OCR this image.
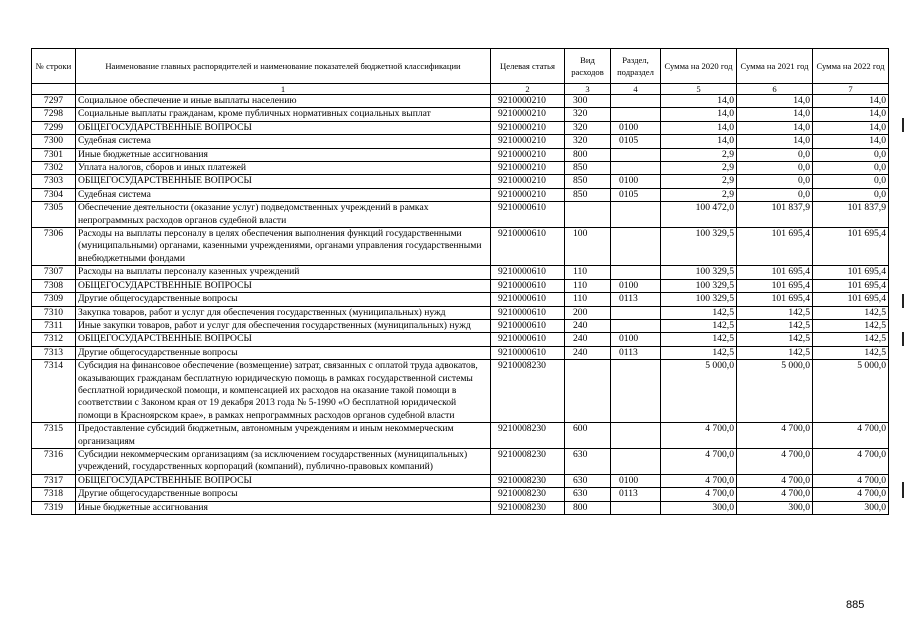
№ строки	Наименование главных распорядителей и наименование показателей бюджетной классификации	Целевая статья	Вид расходов	Раздел, подраздел	Сумма на 2020 год	Сумма на 2021 год	Сумма на 2022 год
	1	2	3	4	5	6	7
7297	Социальное обеспечение и иные выплаты населению	9210000210	300		14,0	14,0	14,0
7298	Социальные выплаты гражданам, кроме публичных нормативных социальных выплат	9210000210	320		14,0	14,0	14,0
7299	ОБЩЕГОСУДАРСТВЕННЫЕ ВОПРОСЫ	9210000210	320	0100	14,0	14,0	14,0
7300	Судебная система	9210000210	320	0105	14,0	14,0	14,0
7301	Иные бюджетные ассигнования	9210000210	800		2,9	0,0	0,0
7302	Уплата налогов, сборов и иных платежей	9210000210	850		2,9	0,0	0,0
7303	ОБЩЕГОСУДАРСТВЕННЫЕ ВОПРОСЫ	9210000210	850	0100	2,9	0,0	0,0
7304	Судебная система	9210000210	850	0105	2,9	0,0	0,0
7305	Обеспечение деятельности (оказание услуг) подведомственных учреждений в рамках непрограммных расходов органов судебной власти	9210000610			100 472,0	101 837,9	101 837,9
7306	Расходы на выплаты персоналу в целях обеспечения выполнения функций государственными (муниципальными) органами, казенными учреждениями, органами управления государственными внебюджетными фондами	9210000610	100		100 329,5	101 695,4	101 695,4
7307	Расходы на выплаты персоналу казенных учреждений	9210000610	110		100 329,5	101 695,4	101 695,4
7308	ОБЩЕГОСУДАРСТВЕННЫЕ ВОПРОСЫ	9210000610	110	0100	100 329,5	101 695,4	101 695,4
7309	Другие общегосударственные вопросы	9210000610	110	0113	100 329,5	101 695,4	101 695,4
7310	Закупка товаров, работ и услуг для обеспечения государственных (муниципальных) нужд	9210000610	200		142,5	142,5	142,5
7311	Иные закупки товаров, работ и услуг для обеспечения государственных (муниципальных) нужд	9210000610	240		142,5	142,5	142,5
7312	ОБЩЕГОСУДАРСТВЕННЫЕ ВОПРОСЫ	9210000610	240	0100	142,5	142,5	142,5
7313	Другие общегосударственные вопросы	9210000610	240	0113	142,5	142,5	142,5
7314	Субсидия на финансовое обеспечение (возмещение) затрат, связанных с оплатой труда адвокатов, оказывающих гражданам бесплатную юридическую помощь в рамках государственной системы бесплатной юридической помощи, и компенсацией их расходов на оказание такой помощи в соответствии с Законом края от 19 декабря 2013 года № 5-1990 «О бесплатной юридической помощи в Красноярском крае», в рамках непрограммных расходов органов судебной власти	9210008230			5 000,0	5 000,0	5 000,0
7315	Предоставление субсидий бюджетным, автономным учреждениям и иным некоммерческим организациям	9210008230	600		4 700,0	4 700,0	4 700,0
7316	Субсидии некоммерческим организациям (за исключением государственных (муниципальных) учреждений, государственных корпораций (компаний), публично-правовых компаний)	9210008230	630		4 700,0	4 700,0	4 700,0
7317	ОБЩЕГОСУДАРСТВЕННЫЕ ВОПРОСЫ	9210008230	630	0100	4 700,0	4 700,0	4 700,0
7318	Другие общегосударственные вопросы	9210008230	630	0113	4 700,0	4 700,0	4 700,0
7319	Иные бюджетные ассигнования	9210008230	800		300,0	300,0	300,0
885
